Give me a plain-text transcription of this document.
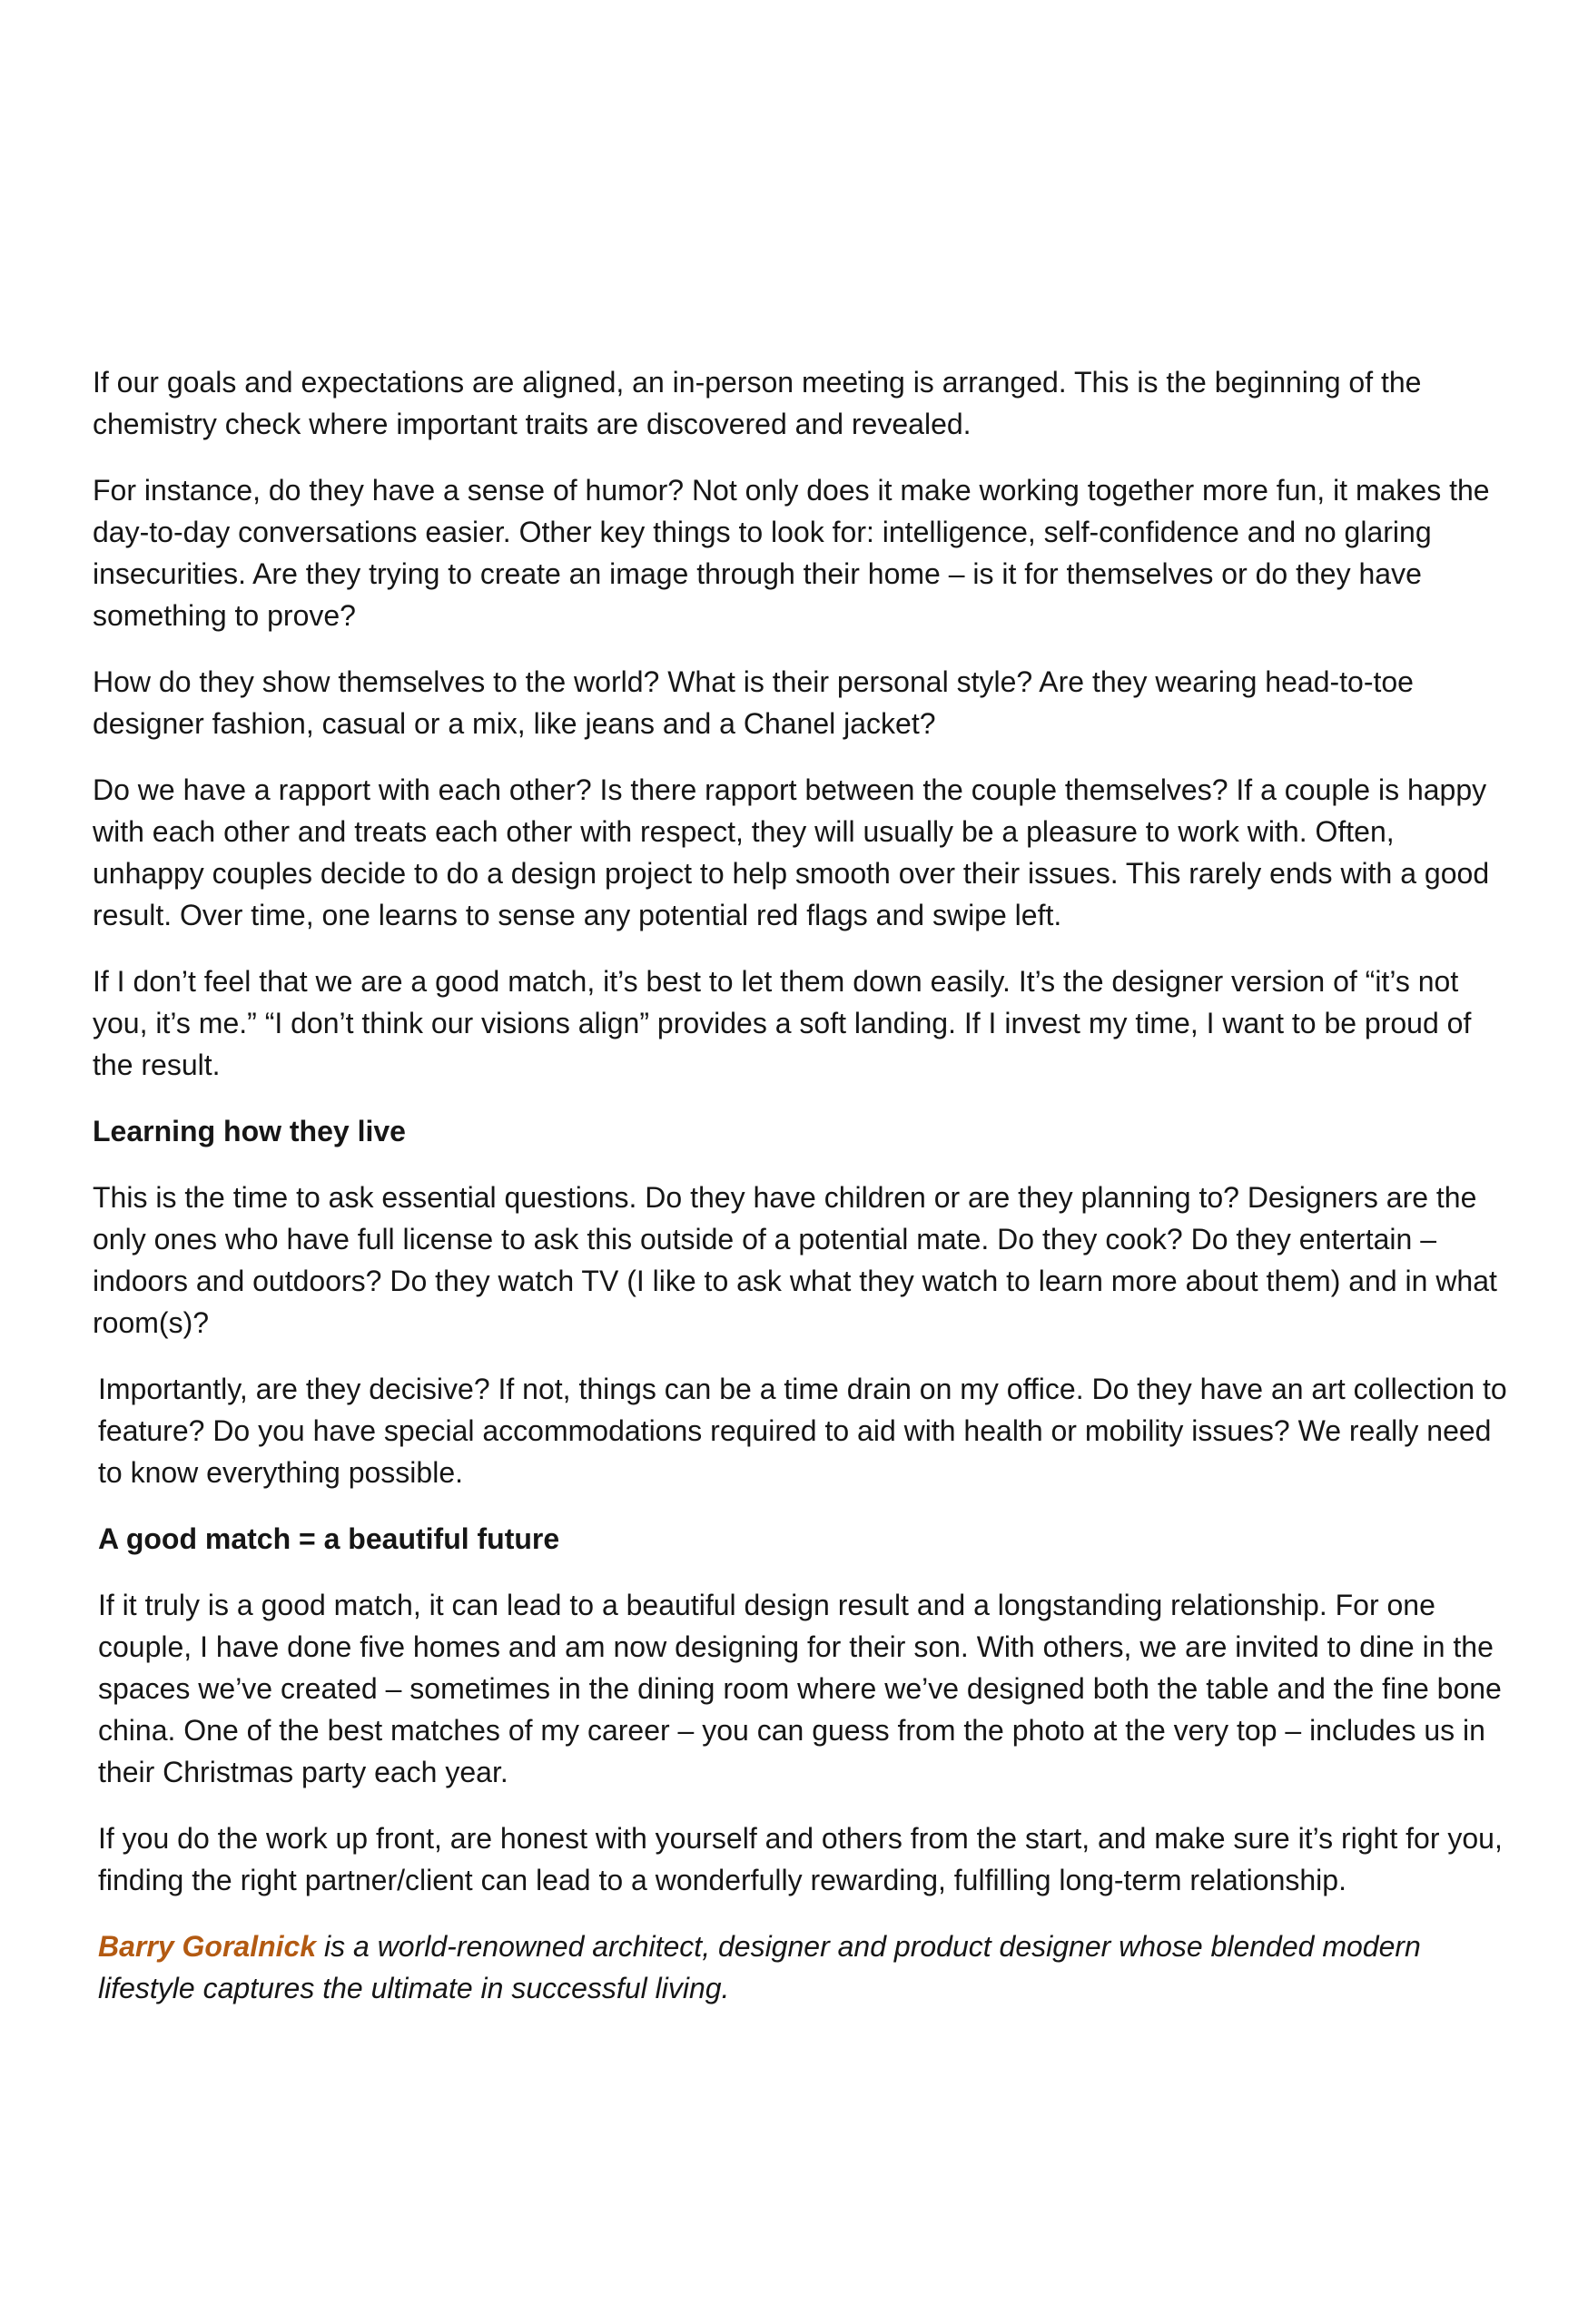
If our goals and expectations are aligned, an in-person meeting is arranged. This is the beginning of the chemistry check where important traits are discovered and revealed.

For instance, do they have a sense of humor? Not only does it make working together more fun, it makes the day-to-day conversations easier. Other key things to look for: intelligence, self-confidence and no glaring insecurities. Are they trying to create an image through their home – is it for themselves or do they have something to prove?

How do they show themselves to the world? What is their personal style? Are they wearing head-to-toe designer fashion, casual or a mix, like jeans and a Chanel jacket?

Do we have a rapport with each other? Is there rapport between the couple themselves? If a couple is happy with each other and treats each other with respect, they will usually be a pleasure to work with. Often, unhappy couples decide to do a design project to help smooth over their issues. This rarely ends with a good result. Over time, one learns to sense any potential red flags and swipe left.

If I don’t feel that we are a good match, it’s best to let them down easily. It’s the designer version of “it’s not you, it’s me.” “I don’t think our visions align” provides a soft landing. If I invest my time, I want to be proud of the result.

Learning how they live

This is the time to ask essential questions. Do they have children or are they planning to? Designers are the only ones who have full license to ask this outside of a potential mate. Do they cook? Do they entertain – indoors and outdoors? Do they watch TV (I like to ask what they watch to learn more about them) and in what room(s)?

Importantly, are they decisive? If not, things can be a time drain on my office. Do they have an art collection to feature? Do you have special accommodations required to aid with health or mobility issues? We really need to know everything possible.

A good match = a beautiful future

If it truly is a good match, it can lead to a beautiful design result and a longstanding relationship. For one couple, I have done five homes and am now designing for their son. With others, we are invited to dine in the spaces we’ve created – sometimes in the dining room where we’ve designed both the table and the fine bone china. One of the best matches of my career – you can guess from the photo at the very top – includes us in their Christmas party each year.

If you do the work up front, are honest with yourself and others from the start, and make sure it’s right for you, finding the right partner/client can lead to a wonderfully rewarding, fulfilling long-term relationship.

Barry Goralnick is a world-renowned architect, designer and product designer whose blended modern lifestyle captures the ultimate in successful living.
